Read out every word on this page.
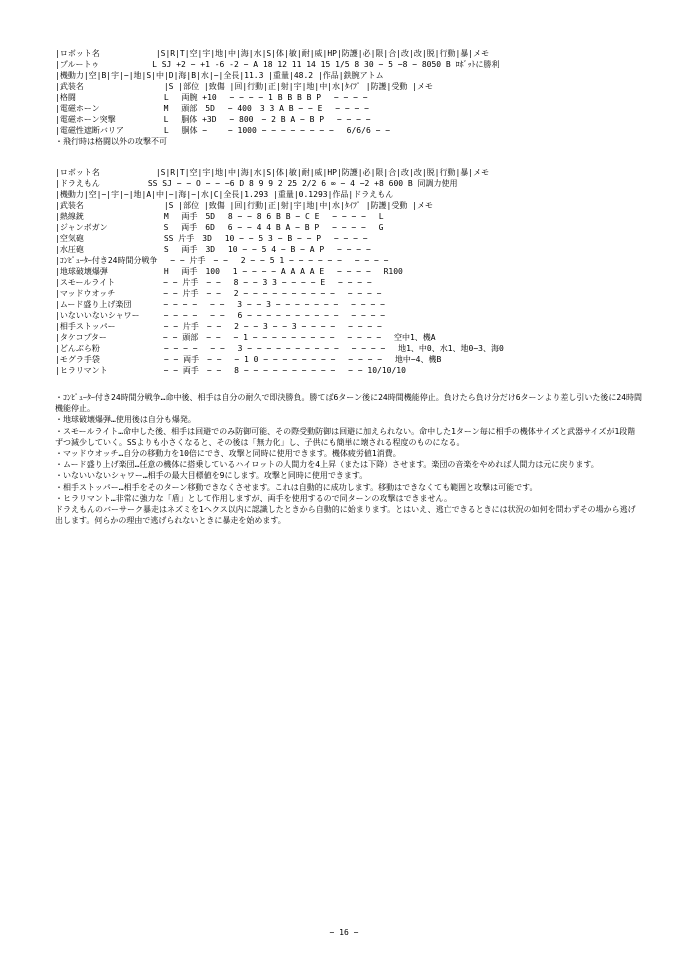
|ロボット名　　　　　　　|S|R|T|空|宇|地|中|海|水|S|体|敏|耐|威|HP|防護|必|限|合|改|改|脱|行動|暴|メモ
|プルートゥ　　　　　　 L SJ +2 − +1 -6 -2 − A 18 12 11 14 15 1/5 8 30 − 5 −8 − 8050 B ﾛﾎﾞｯﾄに勝利
|機動力|空|B|宇|−|地|S|中|D|海|B|水|−|全長|11.3 |重量|48.2 |作品|鉄腕アトム
|武装名　　　　　　　　　　|S |部位 |致傷 |回|行動|正|射|宇|地|中|水|ﾀｲﾌﾟ |防護|受動 |メモ
|格闘　　　　　　　　　　　L　 両腕 +10　 − − − − 1 B B B B P　 − − − −
|電磁ホーン　　　　　　　　M　 頭部　5D　 − 400　3 3 A B − − E　 − − − −
|電磁ホーン突撃　　　　　　L　 胴体 +3D　 − 800　− 2 B A − B P　 − − − −
|電磁性遮断バリア　　　　　L　 胴体 −　　 − 1000 − − − − − − − −　 6/6/6 − −
・飛行時は格闘以外の攻撃不可
|ロボット名　　　　　　　|S|R|T|空|宇|地|中|海|水|S|体|敏|耐|威|HP|防護|必|限|合|改|改|脱|行動|暴|メモ
|ドラえもん　　　　　　SS SJ − − O − − −6 D 8 9 9 2 25 2/2 6 ∞ − 4 −2 +8 600 B 同調力使用
|機動力|空|−|宇|−|地|A|中|−|海|−|水|C|全長|1.293 |重量|0.1293|作品|ドラえもん
|武装名　　　　　　　　　　|S |部位 |致傷 |回|行動|正|射|宇|地|中|水|ﾀｲﾌﾟ |防護|受動 |メモ
|熱線銃　　　　　　　　　　M　 両手　5D　 8 − − 8 6 B B − C E　 − − − −　 L
|ジャンボガン　　　　　　　S　 両手　6D　 6 − − 4 4 B A − B P　 − − − −　 G
|空気砲　　　　　　　　　　SS 片手　3D　 10 − − 5 3 − B − − P　 − − − −
|水圧砲　　　　　　　　　　S　 両手　3D　 10 − − 5 4 − B − A P　 − − − −
|ｺﾝﾋﾟｭｰﾀｰ付き24時間分戦争　 − − 片手　− −　 2 − − 5 1 − − − − − −　 − − − −
|地球破壊爆弾　　　　　　　H　 両手　100　 1 − − − − A A A A E　 − − − −　 R100
|スモールライト　　　　　　− − 片手　− −　 8 − − 3 3 − − − − E　 − − − −
|マッドウオッチ　　　　　　− − 片手　− −　 2 − − − − − − − − − −　 − − − −
|ムード盛り上げ楽団　　　　− − − −　 − −　 3 − − 3 − − − − − − −　 − − − −
|いないいないシャワー　　　− − − −　 − −　 6 − − − − − − − − − −　 − − − −
|相手ストッパー　　　　　　− − 片手　− −　 2 − − 3 − − 3 − − − −　 − − − −
|タケコプター　　　　　　　− − 頭部　− −　 − 1 − − − − − − − − −　 − − − −　 空中1、機A
|どんぶら粉　　　　　　　　− − − −　 − −　 3 − − − − − − − − − −　 − − − −　 地1、中0、水1、地0−3、海0
|モグラ手袋　　　　　　　　− − 両手　− −　 − 1 0 − − − − − − − −　 − − − −　 地中−4、機B
|ヒラリマント　　　　　　　− − 両手　− −　 8 − − − − − − − − − −　 − − 10/10/10

・ｺﾝﾋﾟｭｰﾀｰ付き24時間分戦争…命中後、相手は自分の耐久で即決勝負。勝てば6ターン後に24時間機能停止。負けたら負け分だけ6ターンより差し引いた後に24時間機能停止。

・地球破壊爆弾…使用後は自分も爆発。

・スモールライト…命中した後、相手は回避でのみ防御可能、その際受動防御は回避に加えられない。命中した1ターン毎に相手の機体サイズと武器サイズが1段階ずつ減少していく。SSよりも小さくなると、その後は「無力化」し、子供にも簡単に壊される程度のものになる。

・マッドウオッチ…自分の移動力を10倍にでき、攻撃と同時に使用できます。機体疲労値1消費。

・ムード盛り上げ楽団…任意の機体に搭乗しているハイロットの人間力を4上昇（または下降）させます。楽団の音楽をやめれば人間力は元に戻ります。

・いないいないシャワー…相手の最大目標値を9にします。攻撃と同時に使用できます。

・相手ストッパー…相手をそのターン移動できなくさせます。これは自動的に成功します。移動はできなくても範囲と攻撃は可能です。

・ヒラリマント…非常に強力な「盾」として作用しますが、両手を使用するので同ターンの攻撃はできません。

ドラえもんのバーサーク暴走はネズミを1ヘクス以内に認識したときから自動的に始まります。とはいえ、逃亡できるときには状況の如何を問わずその場から逃げ出します。何らかの理由で逃げられないときに暴走を始めます。

− 16 −
